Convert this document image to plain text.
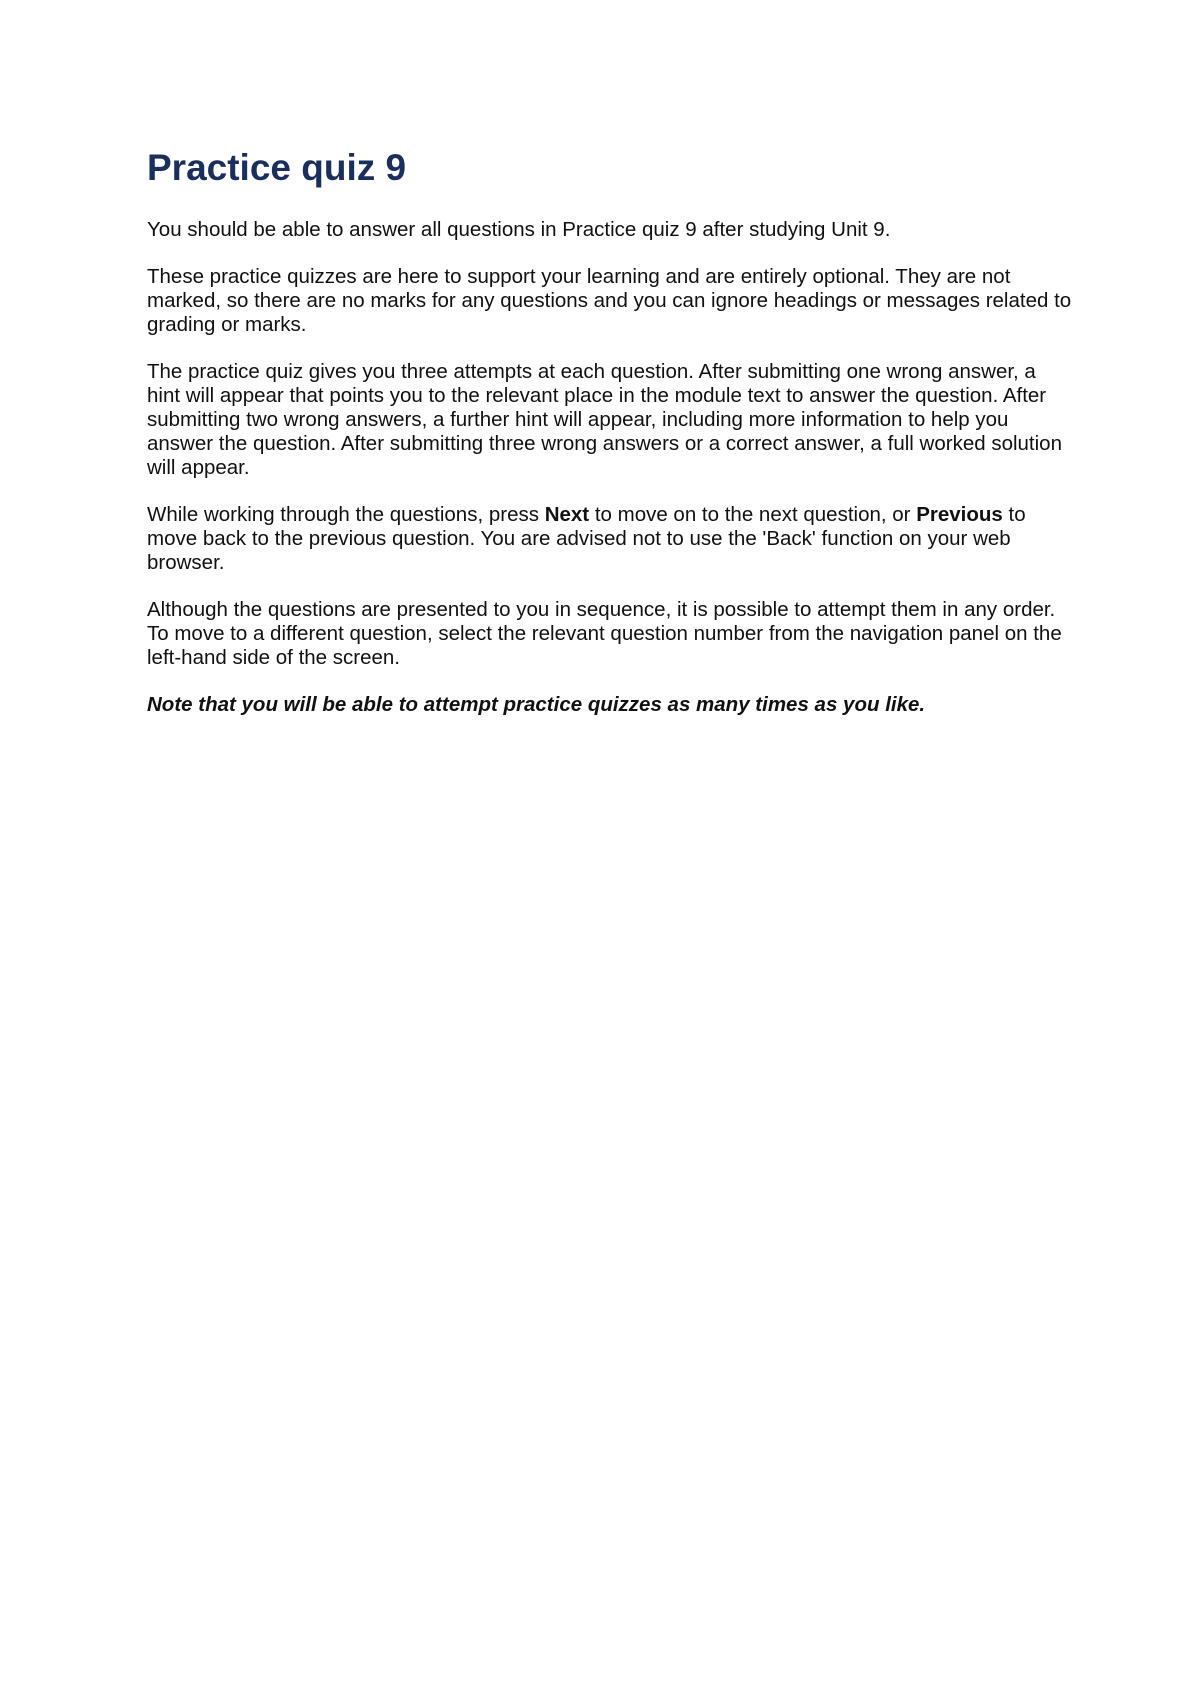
Practice quiz 9

You should be able to answer all questions in Practice quiz 9 after studying Unit 9.

These practice quizzes are here to support your learning and are entirely optional. They are not marked, so there are no marks for any questions and you can ignore headings or messages related to grading or marks.

The practice quiz gives you three attempts at each question. After submitting one wrong answer, a hint will appear that points you to the relevant place in the module text to answer the question. After submitting two wrong answers, a further hint will appear, including more information to help you answer the question. After submitting three wrong answers or a correct answer, a full worked solution will appear.

While working through the questions, press Next to move on to the next question, or Previous to move back to the previous question. You are advised not to use the 'Back' function on your web browser.

Although the questions are presented to you in sequence, it is possible to attempt them in any order. To move to a different question, select the relevant question number from the navigation panel on the left-hand side of the screen.

Note that you will be able to attempt practice quizzes as many times as you like.
